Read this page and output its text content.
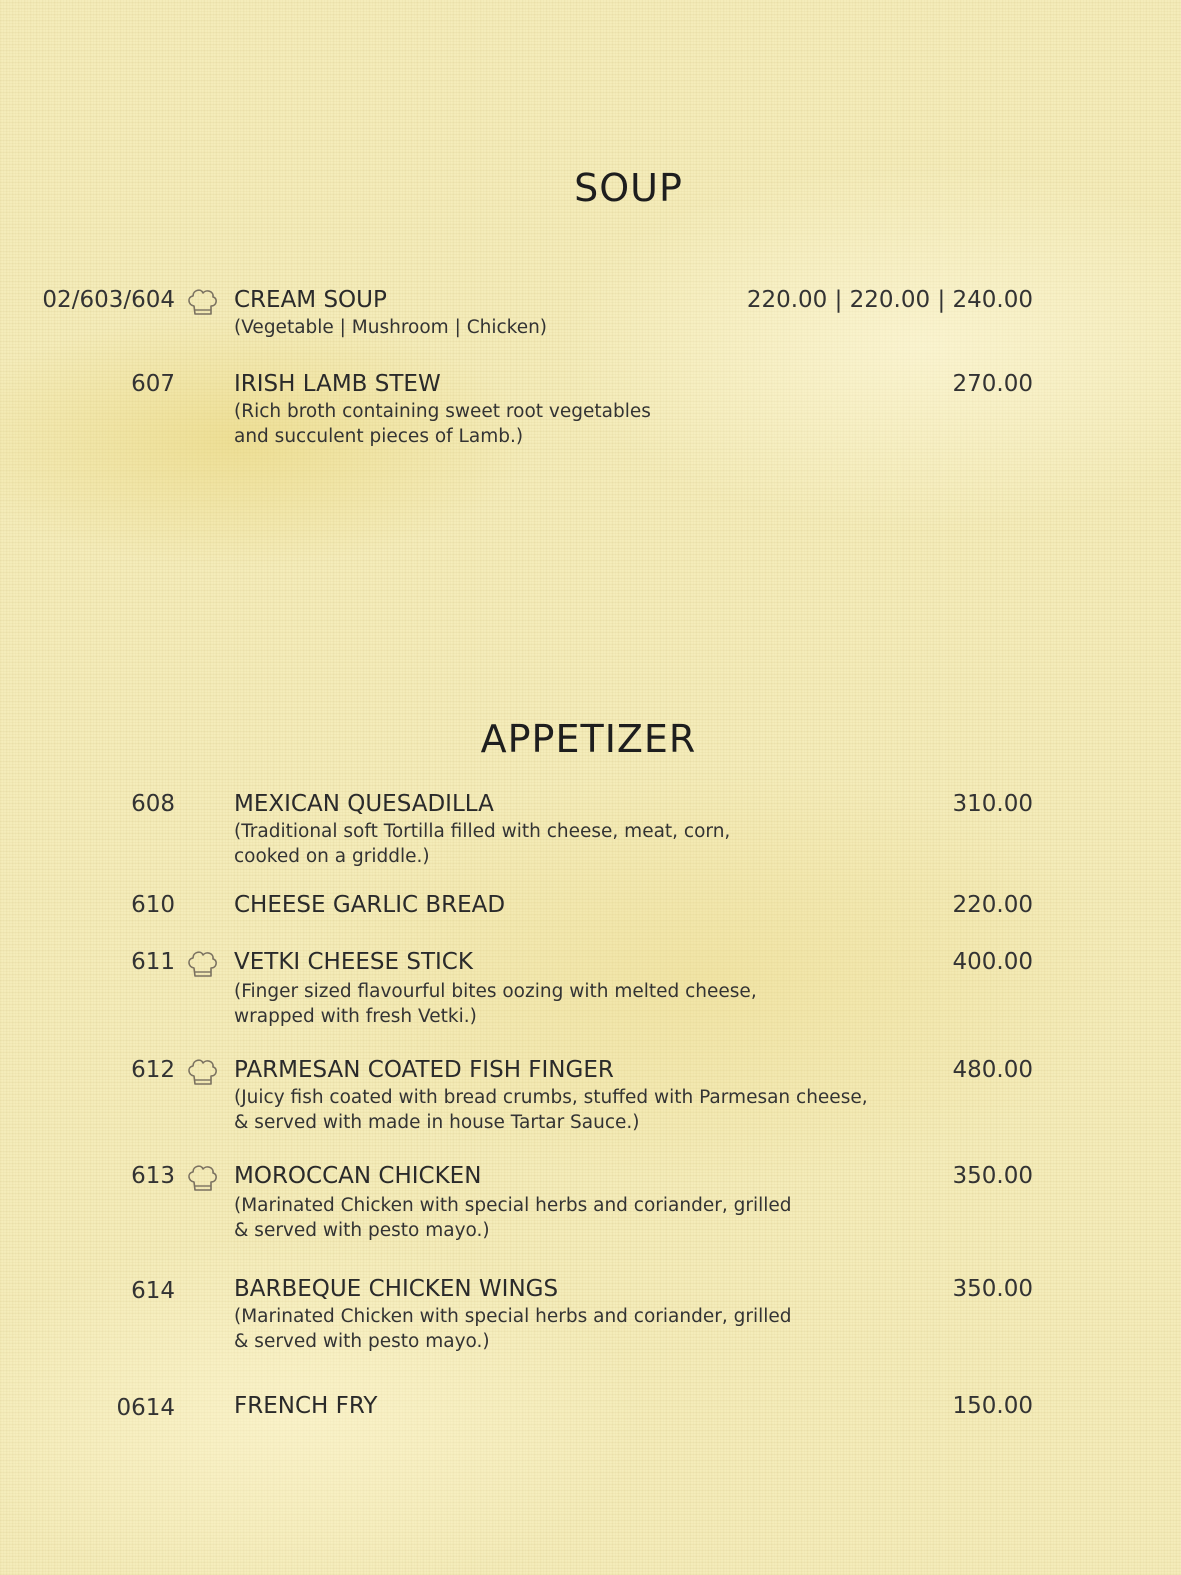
SOUP
02/603/604	CREAM SOUP
(Vegetable | Mushroom | Chicken)
220.00 | 220.00 | 240.00
607	IRISH LAMB STEW
(Rich broth containing sweet root vegetables
and succulent pieces of Lamb.)
270.00
APPETIZER
608	MEXICAN QUESADILLA
(Traditional soft Tortilla filled with cheese, meat, corn,
cooked on a griddle.)
310.00
610	CHEESE GARLIC BREAD	220.00
611	VETKI CHEESE STICK
(Finger sized flavourful bites oozing with melted cheese,
wrapped with fresh Vetki.)
400.00
612	PARMESAN COATED FISH FINGER
(Juicy fish coated with bread crumbs, stuffed with Parmesan cheese,
& served with made in house Tartar Sauce.)
480.00
613	MOROCCAN CHICKEN
(Marinated Chicken with special herbs and coriander, grilled
& served with pesto mayo.)
350.00
614	BARBEQUE CHICKEN WINGS
(Marinated Chicken with special herbs and coriander, grilled
& served with pesto mayo.)
350.00
0614	FRENCH FRY	150.00
